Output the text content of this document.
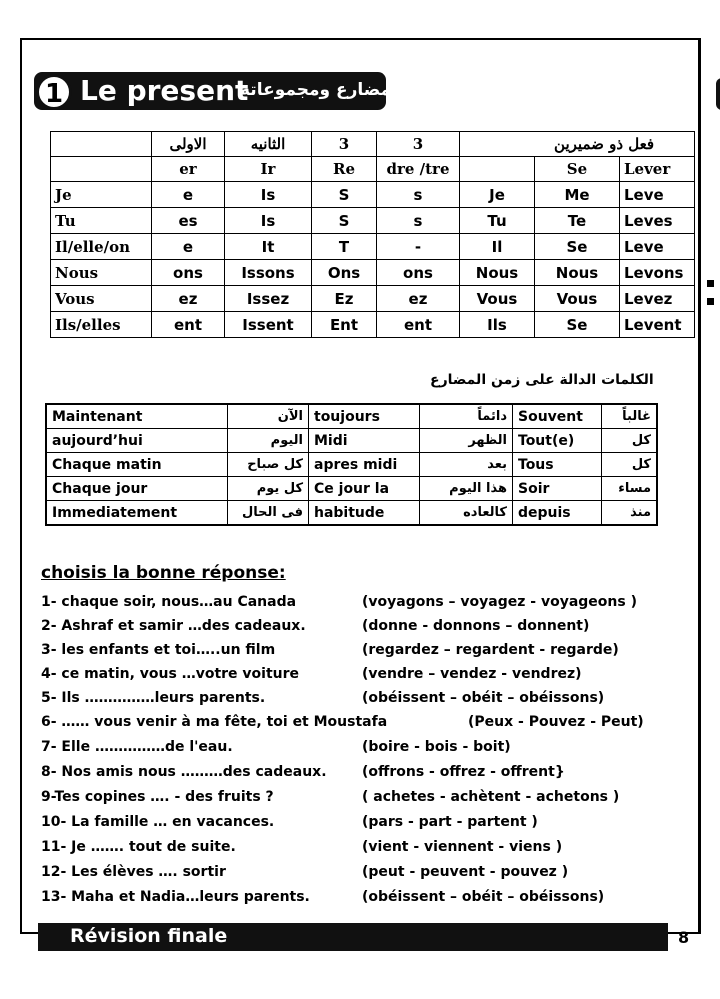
1 Le present
زمن المضارع ومجموعاته
	الاولى	الثانيه	3	3	فعل ذو ضميرين		
	er	Ir	Re	dre /tre		Se	Lever
Je	e	Is	S	s	Je	Me	Leve
Tu	es	Is	S	s	Tu	Te	Leves
Il/elle/on	e	It	T	-	Il	Se	Leve
Nous	ons	Issons	Ons	ons	Nous	Nous	Levons
Vous	ez	Issez	Ez	ez	Vous	Vous	Levez
Ils/elles	ent	Issent	Ent	ent	Ils	Se	Levent
الكلمات الدالة على زمن المضارع
Maintenant	الآن	toujours	دائماً	Souvent	غالباً
aujourd’hui	اليوم	Midi	الظهر	Tout(e)	كل
Chaque matin	كل صباح	apres midi	بعد	Tous	كل
Chaque jour	كل يوم	Ce jour la	هذا اليوم	Soir	مساء
Immediatement	فى الحال	habitude	كالعاده	depuis	منذ
choisis la bonne réponse:
1- chaque soir, nous…au Canada	(voyagons – voyagez - voyageons )
2- Ashraf et samir …des cadeaux.	(donne - donnons – donnent)
3- les enfants et toi…..un film	(regardez – regardent - regarde)
4- ce matin, vous …votre voiture	(vendre – vendez - vendrez)
5- Ils ……………leurs parents.	(obéissent – obéit – obéissons)
6- …… vous venir à ma fête, toi et Moustafa	(Peux - Pouvez - Peut)
7- Elle ……………de l'eau.	(boire - bois - boit)
8- Nos amis nous ………des cadeaux.	(offrons - offrez - offrent}
9-Tes copines …. - des fruits ?	( achetes - achètent - achetons )
10- La famille … en vacances.	(pars - part - partent )
11- Je ……. tout de suite.	(vient - viennent - viens )
12- Les élèves …. sortir	(peut - peuvent - pouvez )
13- Maha et Nadia…leurs parents.	(obéissent – obéit – obéissons)
Révision finale	8
